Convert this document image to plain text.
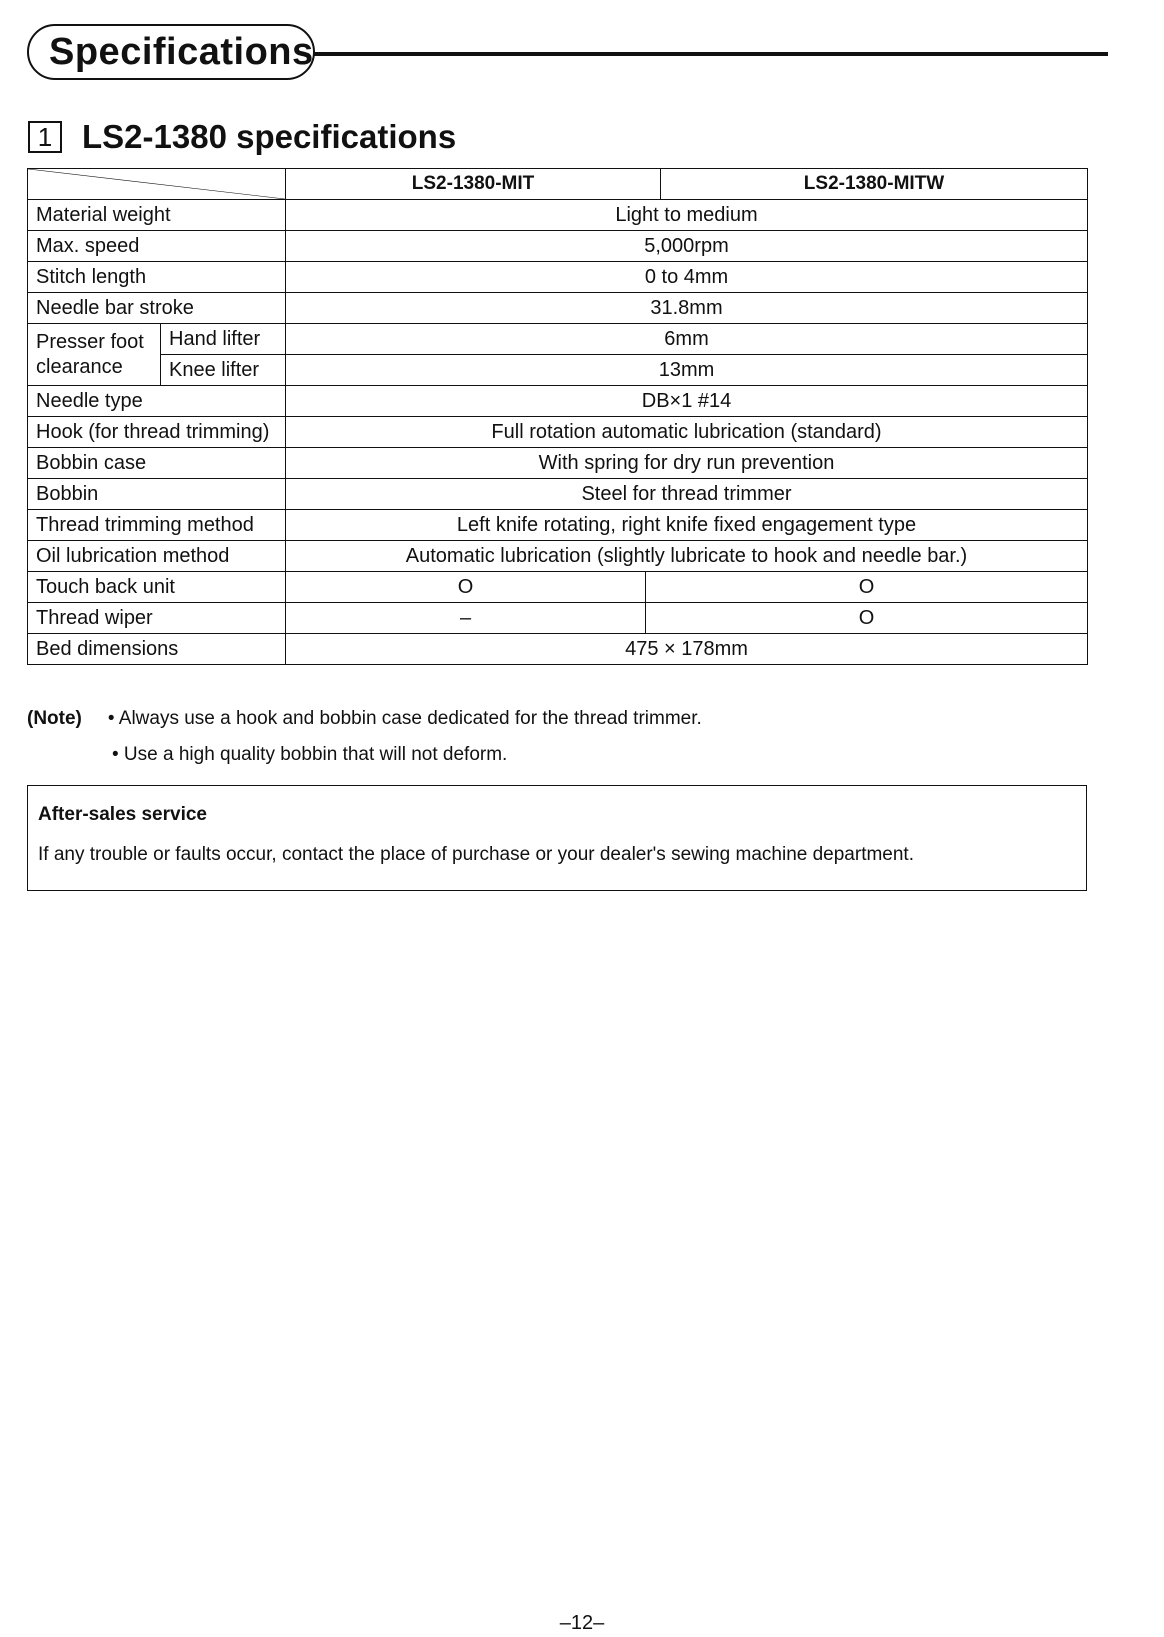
Specifications
1 LS2-1380 specifications
	LS2-1380-MIT		LS2-1380-MITW
Material weight		Light to medium		
Max. speed		5,000rpm		
Stitch length		0 to 4mm		
Needle bar stroke		31.8mm		
Presser foot
clearance	Hand lifter	6mm		
	Knee lifter	13mm		
Needle type		DB×1 #14		
Hook (for thread trimming)		Full rotation automatic lubrication (standard)		
Bobbin case		With spring for dry run prevention		
Bobbin		Steel for thread trimmer		
Thread trimming method		Left knife rotating, right knife fixed engagement type		
Oil lubrication method		Automatic lubrication (slightly lubricate to hook and needle bar.)		
Touch back unit		O	O	
Thread wiper		–	O	
Bed dimensions		475 × 178mm		
(Note) • Always use a hook and bobbin case dedicated for the thread trimmer.
• Use a high quality bobbin that will not deform.
After-sales service
If any trouble or faults occur, contact the place of purchase or your dealer's sewing machine department.
–12–
